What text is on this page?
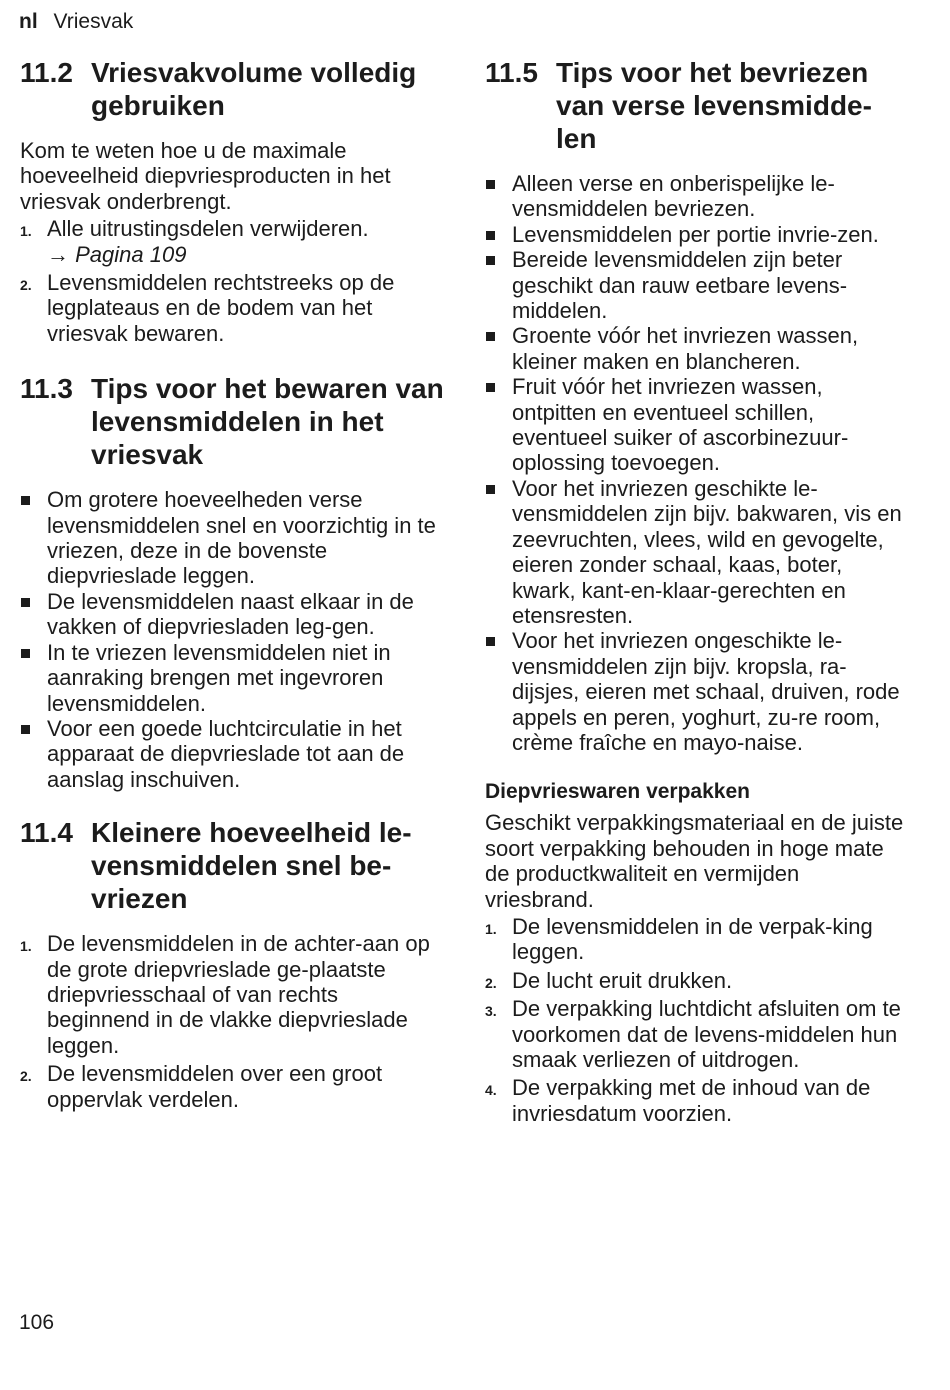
nl Vriesvak
11.2 Vriesvakvolume volledig gebruiken

Kom te weten hoe u de maximale hoeveelheid diepvriesproducten in het vriesvak onderbrengt.

1. Alle uitrustingsdelen verwijderen.
→ Pagina 109
2. Levensmiddelen rechtstreeks op de legplateaus en de bodem van het vriesvak bewaren.
11.3 Tips voor het bewaren van levensmiddelen in het vriesvak
Om grotere hoeveelheden verse levensmiddelen snel en voorzichtig in te vriezen, deze in de bovenste diepvrieslade leggen.
De levensmiddelen naast elkaar in de vakken of diepvriesladen leg-gen.
In te vriezen levensmiddelen niet in aanraking brengen met ingevroren levensmiddelen.
Voor een goede luchtcirculatie in het apparaat de diepvrieslade tot aan de aanslag inschuiven.
11.4 Kleinere hoeveelheid le-vensmiddelen snel be-vriezen
1. De levensmiddelen in de achter-aan op de grote driepvrieslade ge-plaatste driepvriesschaal of van rechts beginnend in de vlakke diepvrieslade leggen.
2. De levensmiddelen over een groot oppervlak verdelen.
11.5 Tips voor het bevriezen van verse levensmidde-len
Alleen verse en onberispelijke le-vensmiddelen bevriezen.
Levensmiddelen per portie invrie-zen.
Bereide levensmiddelen zijn beter geschikt dan rauw eetbare levens-middelen.
Groente vóór het invriezen wassen, kleiner maken en blancheren.
Fruit vóór het invriezen wassen, ontpitten en eventueel schillen, eventueel suiker of ascorbinezuur-oplossing toevoegen.
Voor het invriezen geschikte le-vensmiddelen zijn bijv. bakwaren, vis en zeevruchten, vlees, wild en gevogelte, eieren zonder schaal, kaas, boter, kwark, kant-en-klaar-gerechten en etensresten.
Voor het invriezen ongeschikte le-vensmiddelen zijn bijv. kropsla, ra-dijsjes, eieren met schaal, druiven, rode appels en peren, yoghurt, zu-re room, crème fraîche en mayo-naise.
Diepvrieswaren verpakken

Geschikt verpakkingsmateriaal en de juiste soort verpakking behouden in hoge mate de productkwaliteit en vermijden vriesbrand.

1. De levensmiddelen in de verpak-king leggen.
2. De lucht eruit drukken.
3. De verpakking luchtdicht afsluiten om te voorkomen dat de levens-middelen hun smaak verliezen of uitdrogen.
4. De verpakking met de inhoud van de invriesdatum voorzien.
106
